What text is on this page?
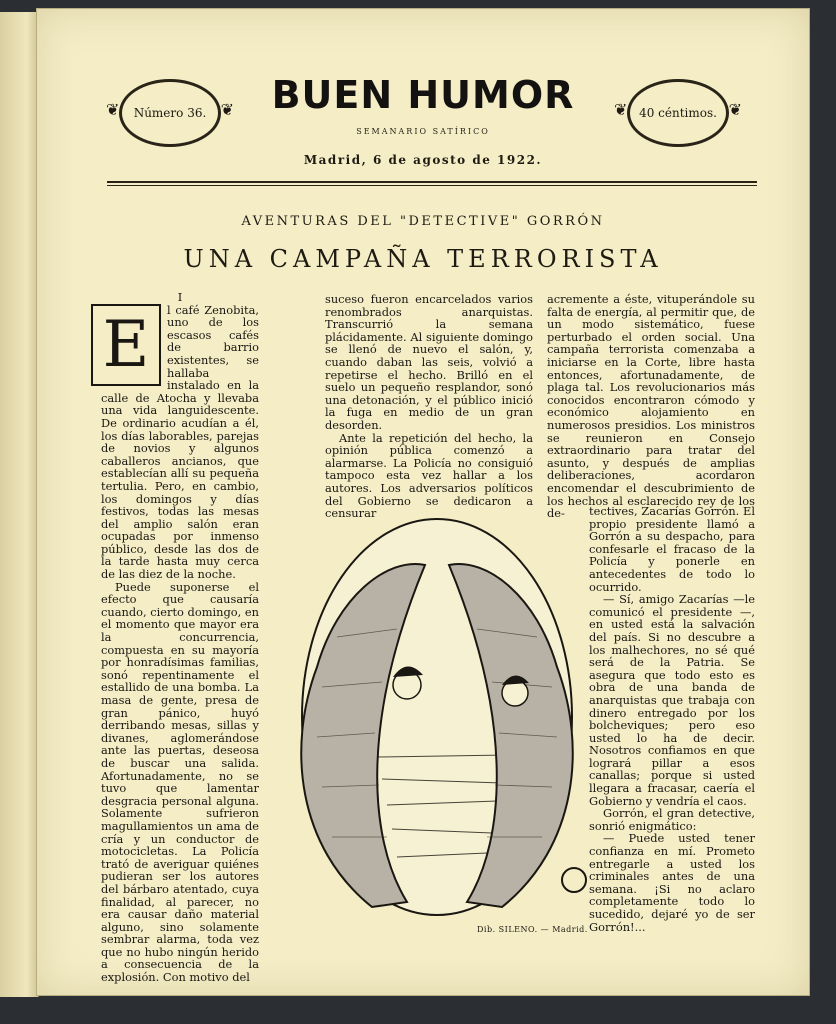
❦ Número 36. ❦ BUEN HUMOR
SEMANARIO SATÍRICO
Madrid, 6 de agosto de 1922.
❦ 40 céntimos. ❦
AVENTURAS DEL "DETECTIVE" GORRÓN
UNA CAMPAÑA TERRORISTA

I

E	l café Zenobita, uno de los escasos cafés de barrio existentes, se hallaba instalado en la calle de Atocha y llevaba una vida languidescente. De ordinario acudían a él, los días laborables, parejas de novios y algunos caballeros ancianos, que establecían allí su pequeña tertulia. Pero, en cambio, los domingos y días festivos, todas las mesas del amplio salón eran ocupadas por inmenso público, desde las dos de la tarde hasta muy cerca de las diez de la noche.

Puede suponerse el efecto que causaría cuando, cierto domingo, en el momento que mayor era la concurrencia, compuesta en su mayoría por honradísimas familias, sonó repentinamente el estallido de una bomba. La masa de gente, presa de gran pánico, huyó derribando mesas, sillas y divanes, aglomerándose ante las puertas, deseosa de buscar una salida. Afortunadamente, no se tuvo que lamentar desgracia personal alguna. Solamente sufrieron magullamientos un ama de cría y un conductor de motocicletas. La Policía trató de averiguar quiénes pudieran ser los autores del bárbaro atentado, cuya finalidad, al parecer, no era causar daño material alguno, sino solamente sembrar alarma, toda vez que no hubo ningún herido a consecuencia de la explosión. Con motivo del

suceso fueron encarcelados varios renombrados anarquistas. Transcurrió la semana plácidamente. Al siguiente domingo se llenó de nuevo el salón, y, cuando daban las seis, volvió a repetirse el hecho. Brilló en el suelo un pequeño resplandor, sonó una detonación, y el público inició la fuga en medio de un gran desorden.

Ante la repetición del hecho, la opinión pública comenzó a alarmarse. La Policía no consiguió tampoco esta vez hallar a los autores. Los adversarios políticos del Gobierno se dedicaron a censurar

acremente a éste, vituperándole su falta de energía, al permitir que, de un modo sistemático, fuese perturbado el orden social. Una campaña terrorista comenzaba a iniciarse en la Corte, libre hasta entonces, afortunadamente, de plaga tal. Los revolucionarios más conocidos encontraron cómodo y económico alojamiento en numerosos presidios. Los ministros se reunieron en Consejo extraordinario para tratar del asunto, y después de amplias deliberaciones, acordaron encomendar el descubrimiento de los hechos al esclarecido rey de los de-	tectives, Zacarías Gorrón. El propio presidente llamó a Gorrón a su despacho, para confesarle el fracaso de la Policía y ponerle en antecedentes de todo lo ocurrido.

— Sí, amigo Zacarías —le comunicó el presidente —, en usted está la salvación del país. Si no descubre a los malhechores, no sé qué será de la Patria. Se asegura que todo esto es obra de una banda de anarquistas que trabaja con dinero entregado por los bolcheviques; pero eso usted lo ha de decir. Nosotros confiamos en que logrará pillar a esos canallas; porque si usted llegara a fracasar, caería el Gobierno y vendría el caos.

Gorrón, el gran detective, sonrió enigmático:

— Puede usted tener confianza en mí. Prometo entregarle a usted los criminales antes de una semana. ¡Si no aclaro completamente todo lo sucedido, dejaré yo de ser Gorrón!...

Dib. SILENO. — Madrid.
